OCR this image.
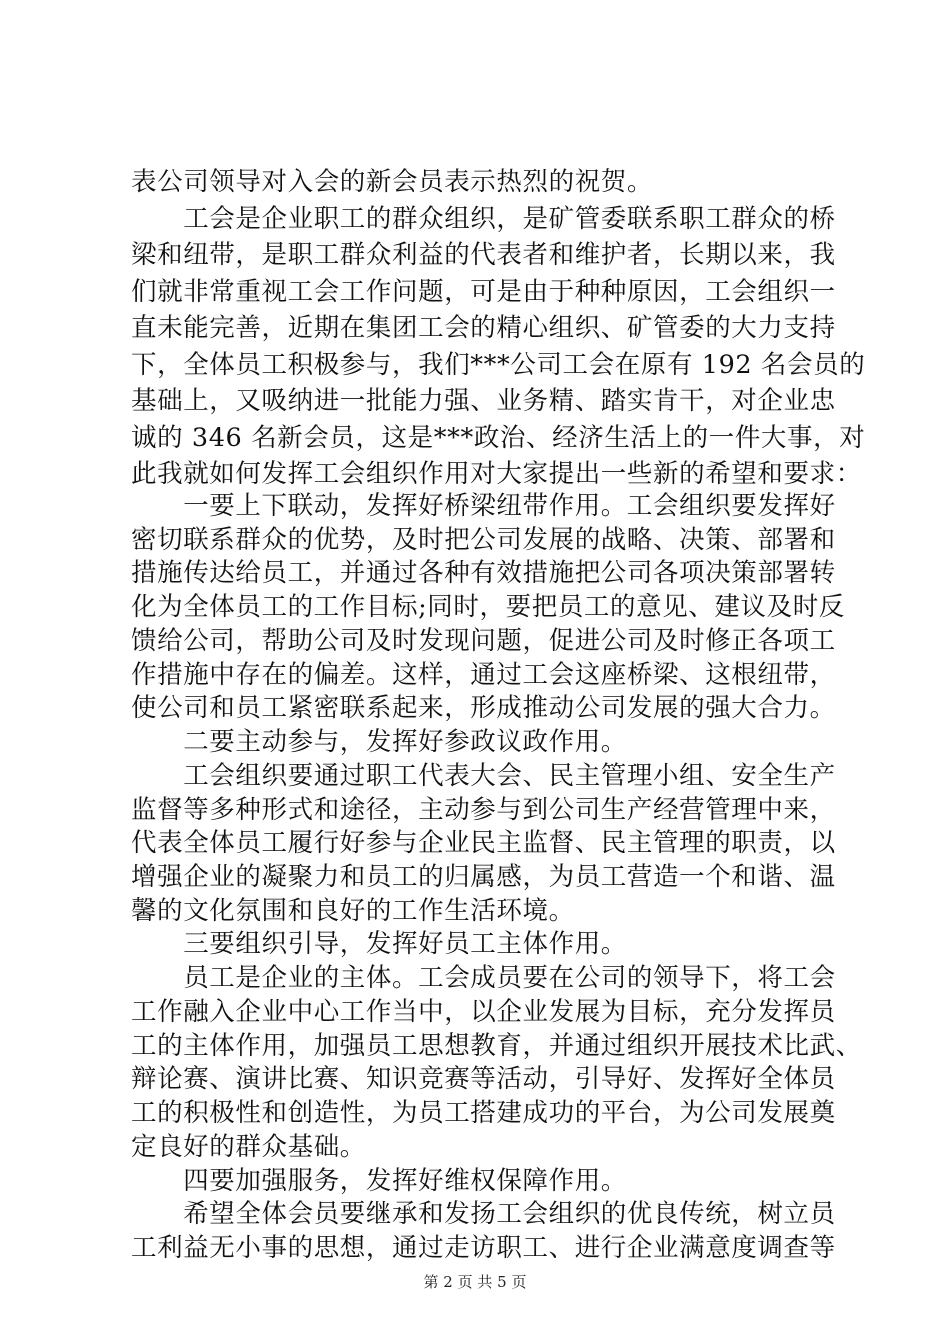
表公司领导对入会的新会员表示热烈的祝贺。
　　工会是企业职工的群众组织，是矿管委联系职工群众的桥
梁和纽带，是职工群众利益的代表者和维护者，长期以来，我
们就非常重视工会工作问题，可是由于种种原因，工会组织一
直未能完善，近期在集团工会的精心组织、矿管委的大力支持
下，全体员工积极参与，我们***公司工会在原有 192 名会员的
基础上，又吸纳进一批能力强、业务精、踏实肯干，对企业忠
诚的 346 名新会员，这是***政治、经济生活上的一件大事，对
此我就如何发挥工会组织作用对大家提出一些新的希望和要求：
　　一要上下联动，发挥好桥梁纽带作用。工会组织要发挥好
密切联系群众的优势，及时把公司发展的战略、决策、部署和
措施传达给员工，并通过各种有效措施把公司各项决策部署转
化为全体员工的工作目标;同时，要把员工的意见、建议及时反
馈给公司，帮助公司及时发现问题，促进公司及时修正各项工
作措施中存在的偏差。这样，通过工会这座桥梁、这根纽带，
使公司和员工紧密联系起来，形成推动公司发展的强大合力。
　　二要主动参与，发挥好参政议政作用。
　　工会组织要通过职工代表大会、民主管理小组、安全生产
监督等多种形式和途径，主动参与到公司生产经营管理中来，
代表全体员工履行好参与企业民主监督、民主管理的职责，以
增强企业的凝聚力和员工的归属感，为员工营造一个和谐、温
馨的文化氛围和良好的工作生活环境。
　　三要组织引导，发挥好员工主体作用。
　　员工是企业的主体。工会成员要在公司的领导下，将工会
工作融入企业中心工作当中，以企业发展为目标，充分发挥员
工的主体作用，加强员工思想教育，并通过组织开展技术比武、
辩论赛、演讲比赛、知识竞赛等活动，引导好、发挥好全体员
工的积极性和创造性，为员工搭建成功的平台，为公司发展奠
定良好的群众基础。
第 2 页 共 5 页
　　四要加强服务，发挥好维权保障作用。
　　希望全体会员要继承和发扬工会组织的优良传统，树立员
工利益无小事的思想，通过走访职工、进行企业满意度调查等
